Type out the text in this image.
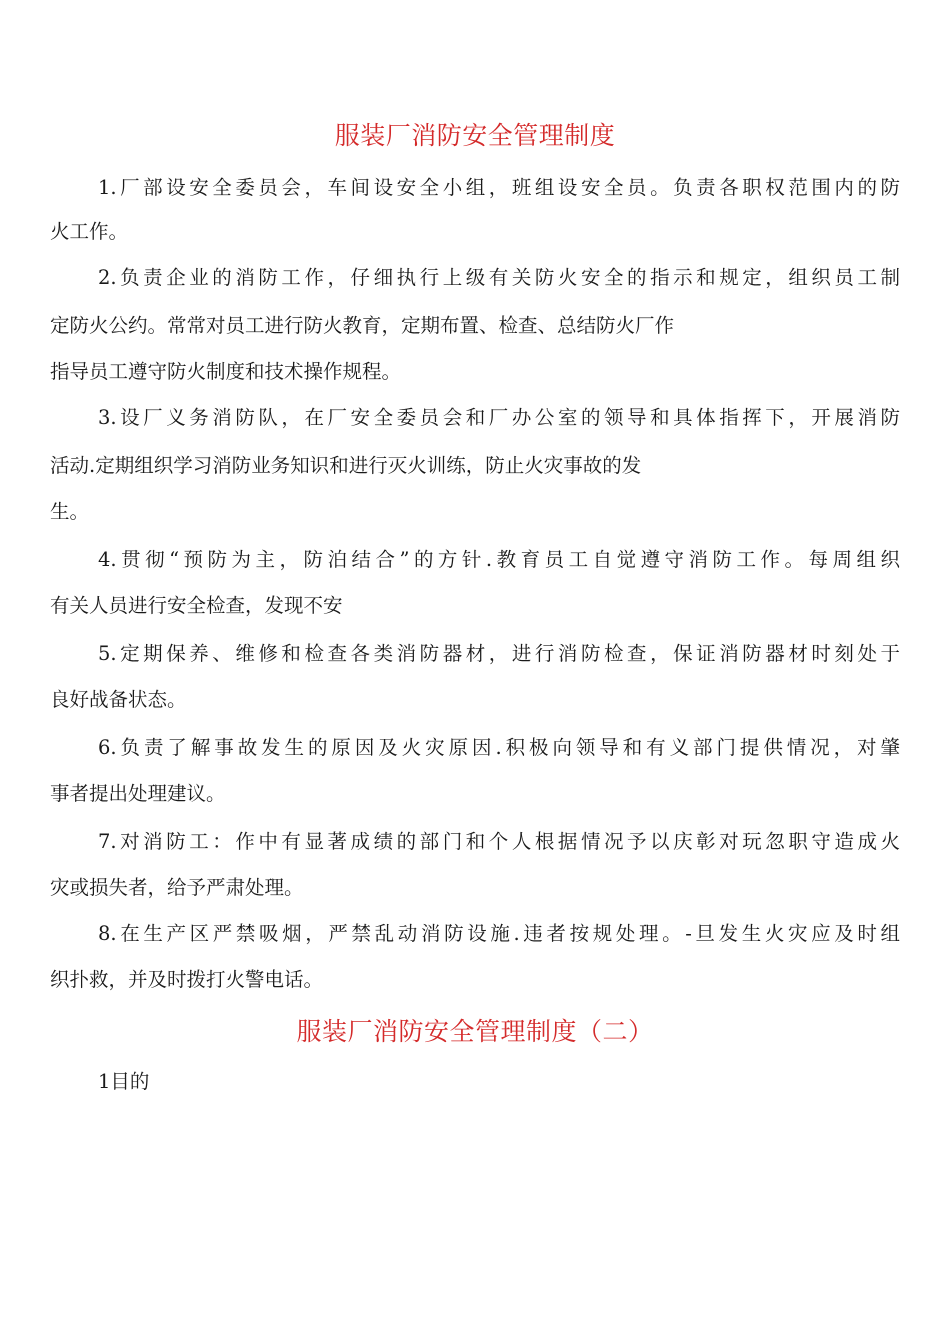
服装厂消防安全管理制度

1.厂部设安全委员会，车间设安全小组，班组设安全员。负责各职权范围内的防

火工作。

2.负责企业的消防工作，仔细执行上级有关防火安全的指示和规定，组织员工制

定防火公约。常常对员工进行防火教育，定期布置、检查、总结防火厂作

指导员工遵守防火制度和技术操作规程。

3.设厂义务消防队，在厂安全委员会和厂办公室的领导和具体指挥下，开展消防

活动.定期组织学习消防业务知识和进行灭火训练，防止火灾事故的发

生。

4.贯彻“预防为主，防泊结合”的方针.教育员工自觉遵守消防工作。每周组织

有关人员进行安全检查，发现不安

5.定期保养、维修和检查各类消防器材，进行消防检查，保证消防器材时刻处于

良好战备状态。

6.负责了解事故发生的原因及火灾原因.积极向领导和有义部门提供情况，对肇

事者提出处理建议。

7.对消防工：作中有显著成绩的部门和个人根据情况予以庆彰对玩忽职守造成火

灾或损失者，给予严肃处理。

8.在生产区严禁吸烟，严禁乱动消防设施.违者按规处理。-旦发生火灾应及时组

织扑救，并及时拨打火警电话。

服装厂消防安全管理制度（二）

1目的
